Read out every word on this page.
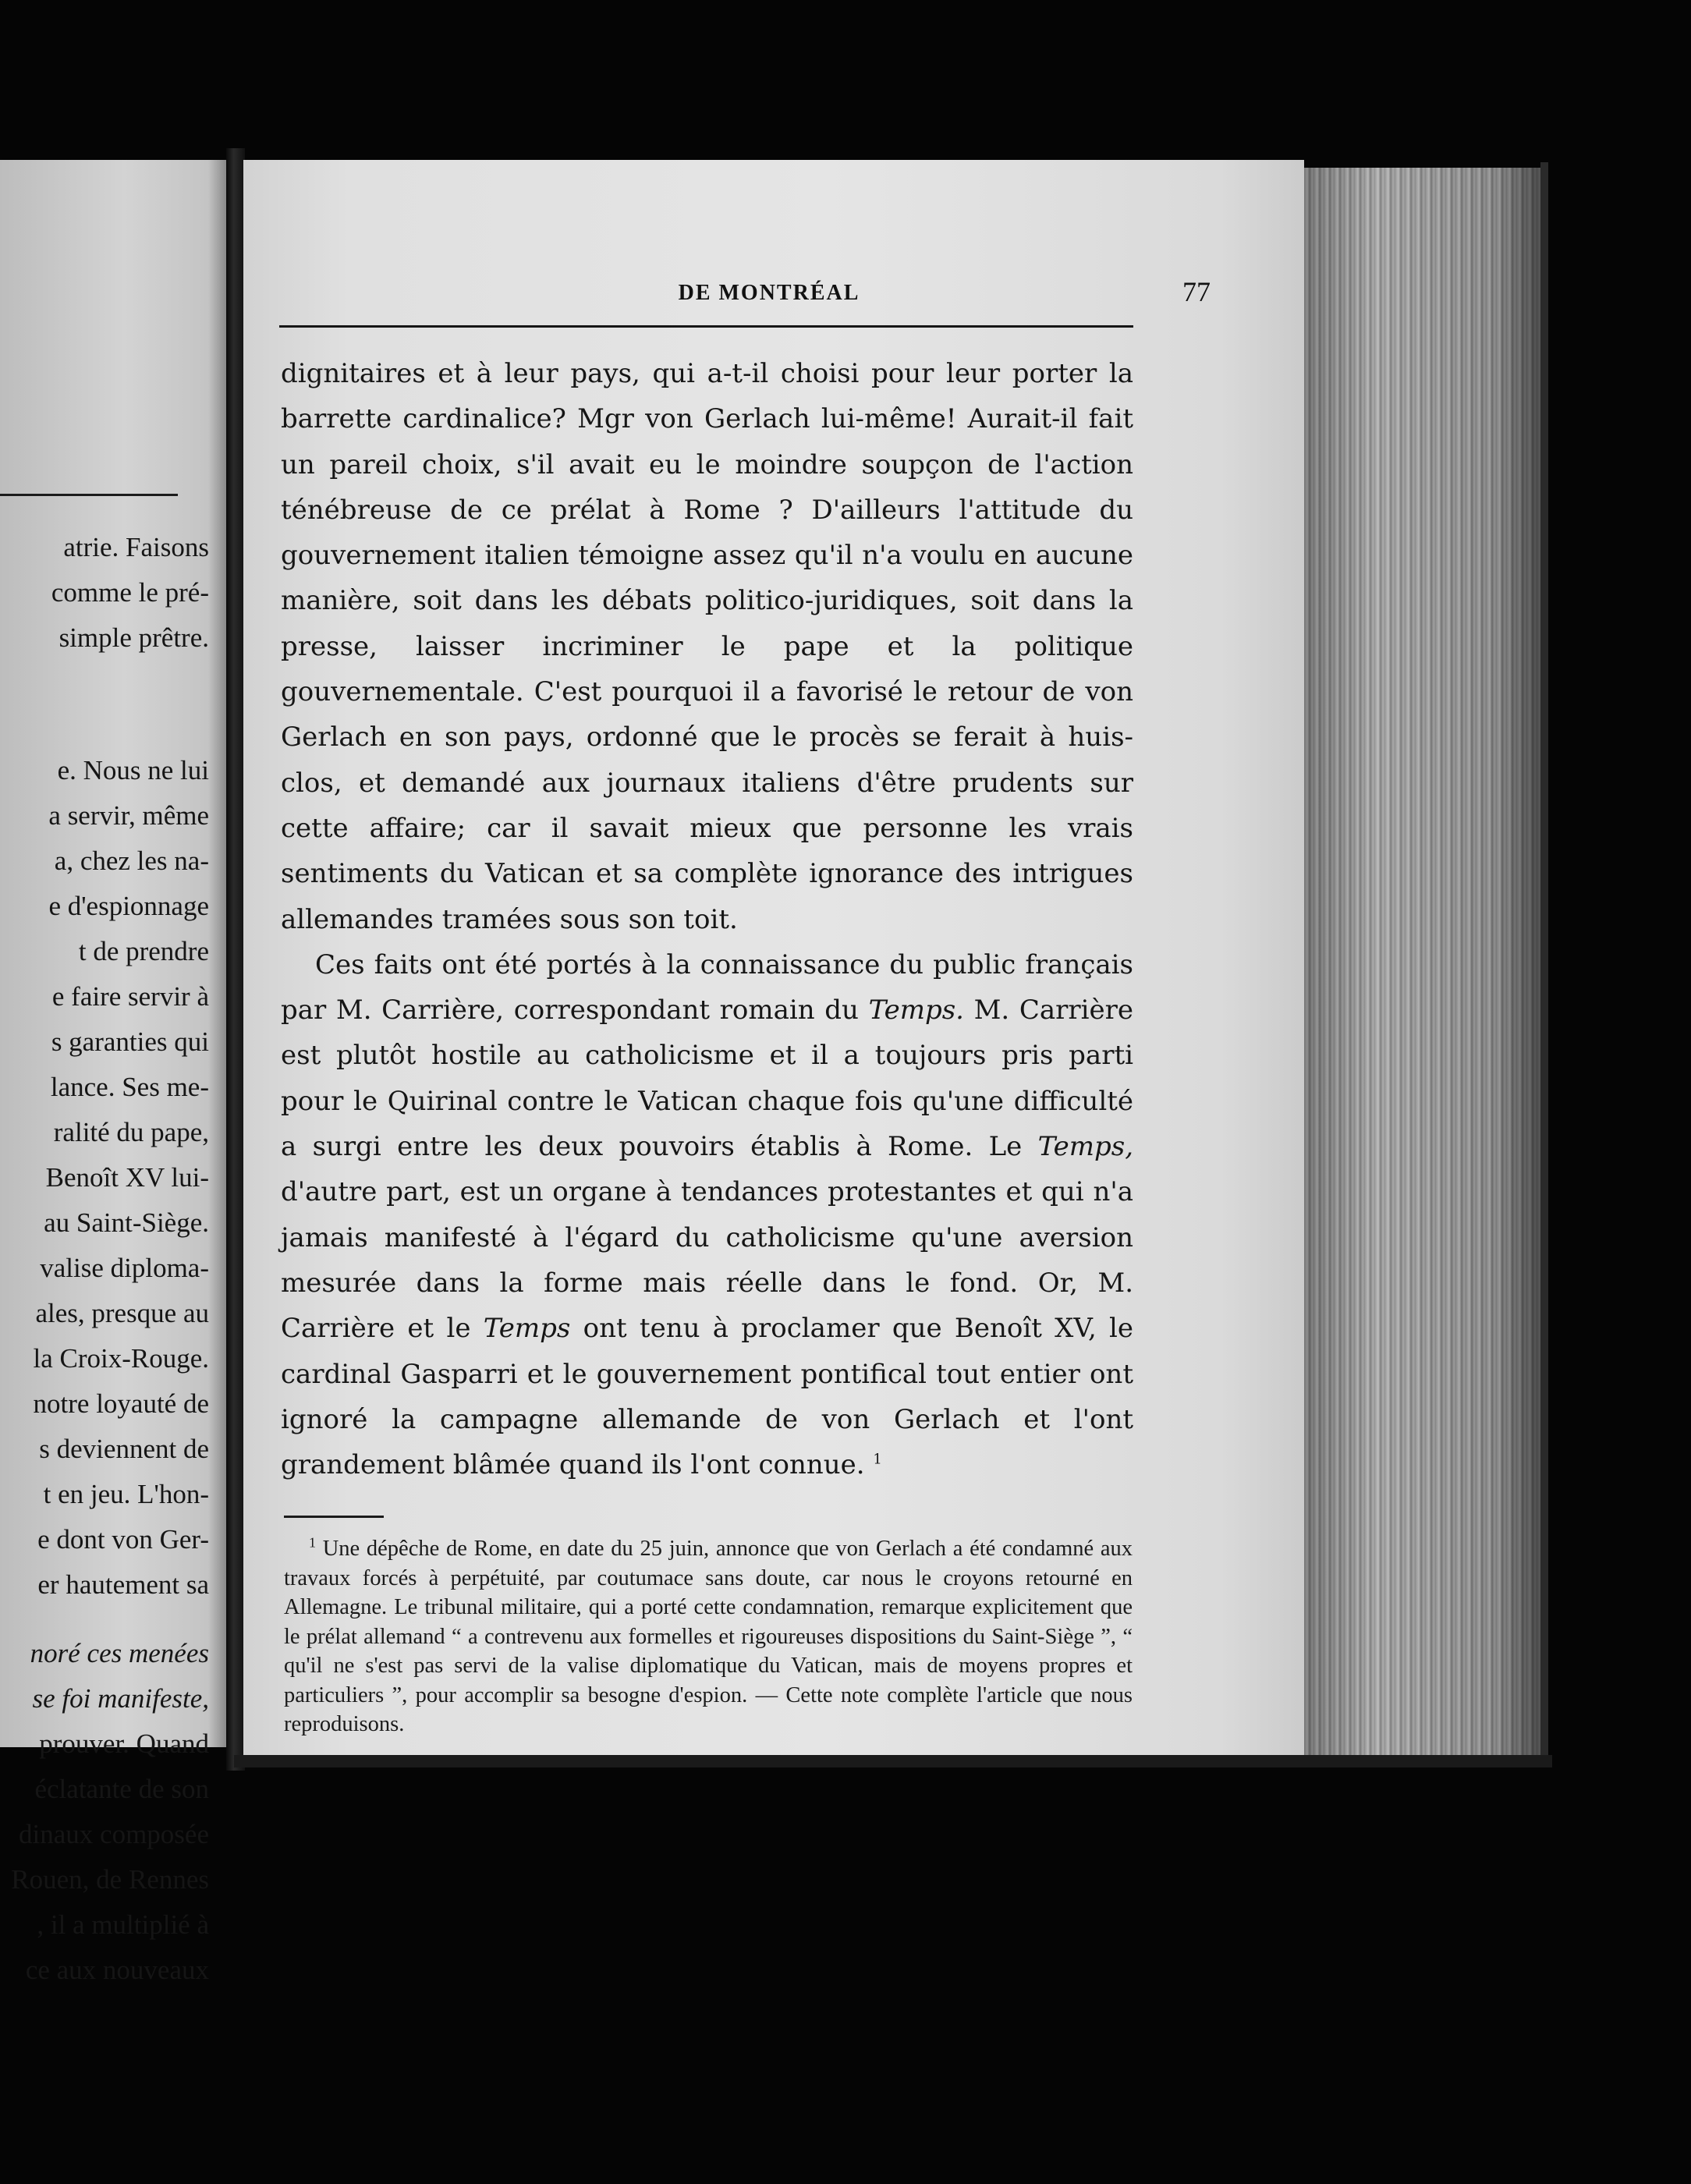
atrie. Faisons
comme le pré-
simple prêtre.
e. Nous ne lui
a servir, même
a, chez les na-
e d'espionnage
t de prendre
e faire servir à
s garanties qui
lance. Ses me-
ralité du pape,
Benoît XV lui-
au Saint-Siège.
valise diploma-
ales, presque au
la Croix-Rouge.
notre loyauté de
s deviennent de
t en jeu. L'hon-
e dont von Ger-
er hautement sa
noré ces menées
se foi manifeste,
prouver. Quand
éclatante de son
dinaux composée
Rouen, de Rennes
, il a multiplié à
ce aux nouveaux
DE MONTRÉAL	77

dignitaires et à leur pays, qui a-t-il choisi pour leur porter la barrette cardinalice? Mgr von Gerlach lui-même! Aurait-il fait un pareil choix, s'il avait eu le moindre soupçon de l'action ténébreuse de ce prélat à Rome ? D'ailleurs l'attitude du gouvernement italien témoigne assez qu'il n'a voulu en aucune manière, soit dans les débats politico-juridiques, soit dans la presse, laisser incriminer le pape et la politique gouvernementale. C'est pourquoi il a favorisé le retour de von Gerlach en son pays, ordonné que le procès se ferait à huis-clos, et demandé aux journaux italiens d'être prudents sur cette affaire; car il savait mieux que personne les vrais sentiments du Vatican et sa complète ignorance des intrigues allemandes tramées sous son toit.

Ces faits ont été portés à la connaissance du public français par M. Carrière, correspondant romain du Temps. M. Carrière est plutôt hostile au catholicisme et il a toujours pris parti pour le Quirinal contre le Vatican chaque fois qu'une difficulté a surgi entre les deux pouvoirs établis à Rome. Le Temps, d'autre part, est un organe à tendances protestantes et qui n'a jamais manifesté à l'égard du catholicisme qu'une aversion mesurée dans la forme mais réelle dans le fond. Or, M. Carrière et le Temps ont tenu à proclamer que Benoît XV, le cardinal Gasparri et le gouvernement pontifical tout entier ont ignoré la campagne allemande de von Gerlach et l'ont grandement blâmée quand ils l'ont connue. $^1$

$^1$ Une dépêche de Rome, en date du 25 juin, annonce que von Gerlach a été condamné aux travaux forcés à perpétuité, par coutumace sans doute, car nous le croyons retourné en Allemagne. Le tribunal militaire, qui a porté cette condamnation, remarque explicitement que le prélat allemand “ a contrevenu aux formelles et rigoureuses dispositions du Saint-Siège ”, “ qu'il ne s'est pas servi de la valise diplomatique du Vatican, mais de moyens propres et particuliers ”, pour accomplir sa besogne d'espion. — Cette note complète l'article que nous reproduisons.
